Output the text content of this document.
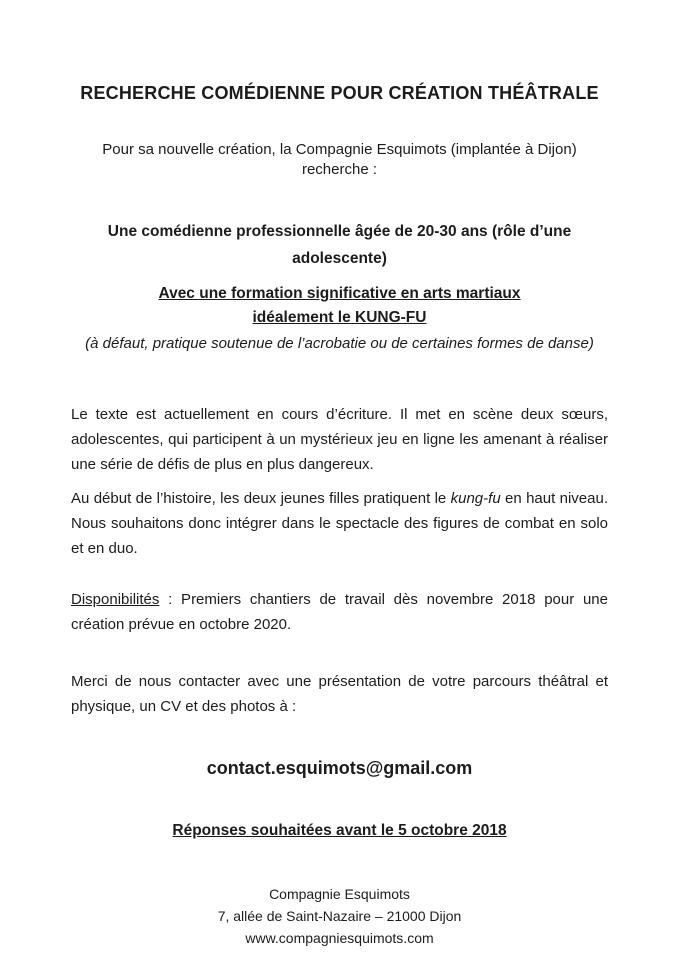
RECHERCHE COMÉDIENNE POUR CRÉATION THÉÂTRALE

Pour sa nouvelle création, la Compagnie Esquimots (implantée à Dijon) recherche :

Une comédienne professionnelle âgée de 20-30 ans (rôle d’une adolescente)

Avec une formation significative en arts martiaux
idéalement le KUNG-FU

(à défaut, pratique soutenue de l’acrobatie ou de certaines formes de danse)

Le texte est actuellement en cours d’écriture. Il met en scène deux sœurs, adolescentes, qui participent à un mystérieux jeu en ligne les amenant à réaliser une série de défis de plus en plus dangereux.

Au début de l’histoire, les deux jeunes filles pratiquent le kung-fu en haut niveau. Nous souhaitons donc intégrer dans le spectacle des figures de combat en solo et en duo.

Disponibilités : Premiers chantiers de travail dès novembre 2018 pour une création prévue en octobre 2020.

Merci de nous contacter avec une présentation de votre parcours théâtral et physique, un CV et des photos à :

contact.esquimots@gmail.com

Réponses souhaitées avant le 5 octobre 2018

Compagnie Esquimots
7, allée de Saint-Nazaire – 21000 Dijon
www.compagniesquimots.com
